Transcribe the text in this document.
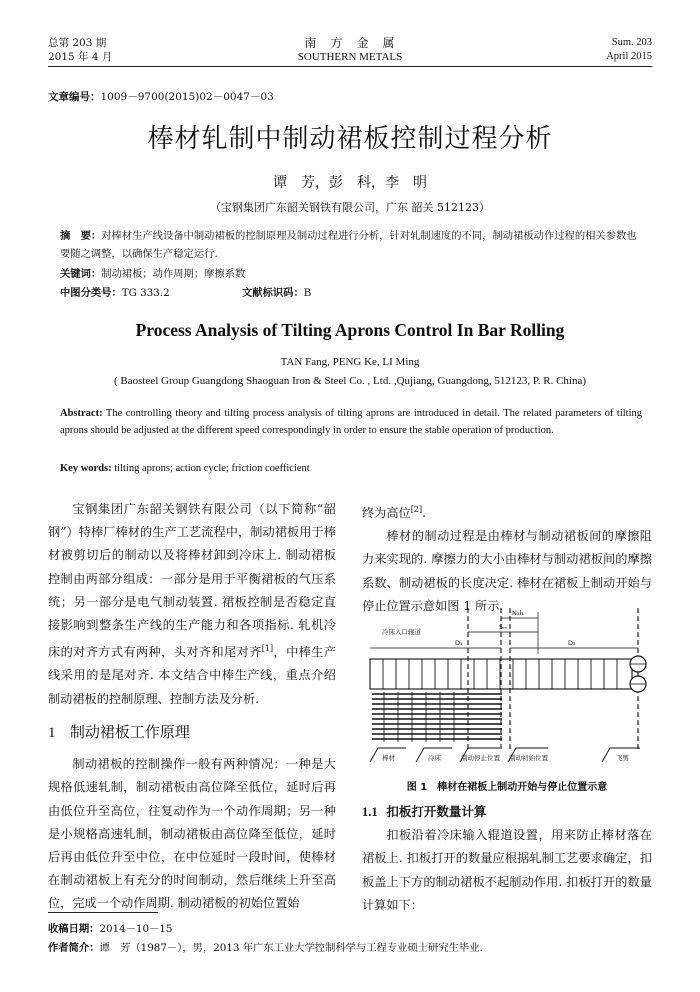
总第 203 期
2015 年 4 月
南　方　金　属
SOUTHERN METALS
Sum. 203
April 2015
文章编号：1009－9700(2015)02－0047－03
棒材轧制中制动裙板控制过程分析
谭　芳，彭　科，李　明
（宝钢集团广东韶关钢铁有限公司，广东 韶关 512123）
摘　要：对棒材生产线设备中制动裙板的控制原理及制动过程进行分析，针对轧制速度的不同，制动裙板动作过程的相关参数也要随之调整，以确保生产稳定运行.
关键词：制动裙板；动作周期；摩擦系数
中图分类号：TG 333.2	文献标识码：B
Process Analysis of Tilting Aprons Control In Bar Rolling
TAN Fang, PENG Ke, LI Ming
( Baosteel Group Guangdong Shaoguan Iron & Steel Co. , Ltd. ,Qujiang, Guangdong, 512123, P. R. China)
Abstract: The controlling theory and tilting process analysis of tilting aprons are introduced in detail. The related parameters of tilting aprons should be adjusted at the different speed correspondingly in order to ensure the stable operation of production.
Key words: tilting aprons; action cycle; friction coefficient

宝钢集团广东韶关钢铁有限公司（以下简称“韶钢”）特棒厂棒材的生产工艺流程中，制动裙板用于棒材被剪切后的制动以及将棒材卸到冷床上. 制动裙板控制由两部分组成：一部分是用于平衡裙板的气压系统；另一部分是电气制动装置. 裙板控制是否稳定直接影响到整条生产线的生产能力和各项指标. 轧机冷床的对齐方式有两种，头对齐和尾对齐[1]，中棒生产线采用的是尾对齐. 本文结合中棒生产线，重点介绍制动裙板的控制原理、控制方法及分析.

1 制动裙板工作原理

制动裙板的控制操作一般有两种情况：一种是大规格低速轧制，制动裙板由高位降至低位，延时后再由低位升至高位，往复动作为一个动作周期；另一种是小规格高速轧制，制动裙板由高位降至低位，延时后再由低位升至中位，在中位延时一段时间，使棒材在制动裙板上有充分的时间制动，然后继续上升至高位，完成一个动作周期. 制动裙板的初始位置始

终为高位[2].

棒材的制动过程是由棒材与制动裙板间的摩擦阻力来实现的. 摩擦力的大小由棒材与制动裙板间的摩擦系数、制动裙板的长度决定. 棒材在裙板上制动开始与停止位置示意如图 1 所示.

N₁l₁
Sₘ
D₁	D₂
冷床入口辊道
棒材	冷床	制动停止位置 制动初始位置	飞剪
图 1　棒材在裙板上制动开始与停止位置示意
1.1 扣板打开数量计算

扣板沿着冷床输入辊道设置，用来防止棒材落在裙板上. 扣板打开的数量应根据轧制工艺要求确定，扣板盖上下方的制动裙板不起制动作用. 扣板打开的数量计算如下：

收稿日期：2014－10－15
作者简介：谭　芳（1987－），男，2013 年广东工业大学控制科学与工程专业硕士研究生毕业.
